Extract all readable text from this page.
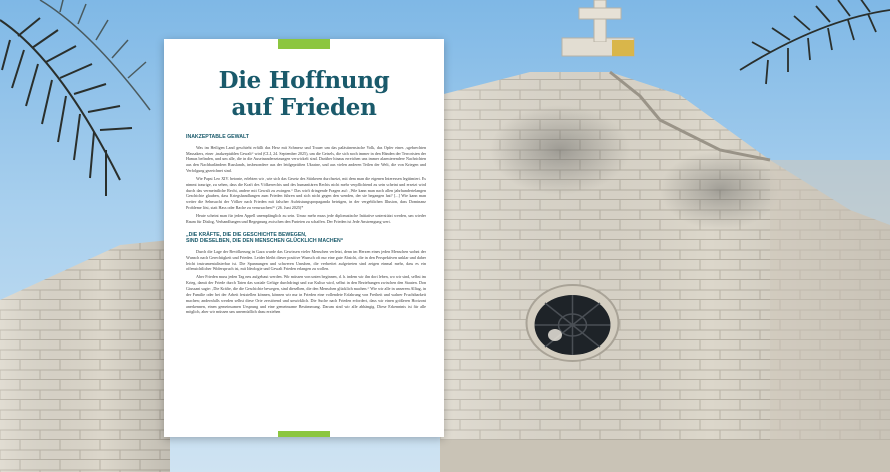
Die Hoffnung
auf Frieden
INAKZEPTABLE GEWALT

Was im Heiligen Land geschieht erfüllt das Herz mit Schmerz und Trauer um das palästinensische Volk, das Opfer eines ‚sgebrechten Massakers, einer ‚inakzeptablen Gewalt“ wird (CLI, 24. September 2025), um die Geisels, die sich noch immer in den Händen der Terroristen der Hamas befinden, und um alle, die in die Auseinandersetzungen verwickelt sind. Darüber hinaus erreichen uns immer alarmierendere Nachrichten aus den Nachbarländern Russlands, insbesondere aus der leidgeprüften Ukraine, und aus vielen anderen Teilen der Welt, die von Kriegen und Verfolgung gezeichnet sind.

Wie Papst Leo XIV. betonte, erlebten wir ‚wie sich das Gesetz des Stärkeren durchsetzt, mit dem man die eigenen Interessen legitimiert. Es nimmt traurige, zu sehen, dass die Kraft des Völkerrechts und des humanitären Rechts nicht mehr verpflichtend zu sein scheint und ersetzt wird durch das vermeintliche Recht, andere mit Gewalt zu zwingen.“ Das wirft dringende Fragen auf: ‚Wie kann man nach allen jahrhundertelangen Geschichte glauben, dass Kriegshandlungen zum Frieden führen und sich nicht gegen den wenden, der sie begangen hat? [...] Wie kann man weiter die Sehnsucht der Völker nach Frieden mit falscher Aufrüstungspropaganda betrügen, in der vergeblichen Illusion, dass Dominanz Probleme löst, statt Hass oder Rache zu verursachen?“ (26. Juni 2025)*

Heute scheint man für jeden Appell unempfänglich zu sein. Umso mehr muss jede diplomatische Initiative unterstützt werden, um wieder Raum für Dialog, Verhandlungen und Begegnung zwischen den Parteien zu schaffen. Der Frieden ist Jede Anstrengung wert.

„DIE KRÄFTE, DIE DIE GESCHICHTE BEWEGEN,
SIND DIESELBEN, DIE DEN MENSCHEN GLÜCKLICH MACHEN“

Durch die Lage der Bevölkerung in Gaza wurde das Gewissen vieler Menschen verletzt, denn im Herzen eines jeden Menschen wohnt der Wunsch nach Gerechtigkeit und Frieden. Leider bleibt dieser positive Wunsch oft nur eine gute Absicht, die in den Perspektiven unklar und daher leicht instrumentalisierbar ist. Die Spannungen und schweren Unruhen, die verbreitet aufgetreten sind zeigen einmal mehr, dass es ein offensichtlicher Widerspruch ist, mit Ideologie und Gewalt Frieden erlangen zu wollen.

Aber Frieden muss jeden Tag neu aufgebaut werden. Wir müssen von unten beginnen, d. h. indem wir ihn dort leben, wo wir sind, selbst im Krieg, damit der Friede durch Taten das soziale Gefüge durchdringt und zur Kultur wird, selbst in den Beziehungen zwischen den Staaten. Don Giussani sagte: ‚Die Kräfte, die die Geschichte bewegen, sind dieselben, die den Menschen glücklich machen.“ Wie wir alle in unserem Alltag, in der Familie oder bei der Arbeit feststellen können, können wir nur in Frieden eine vollendete Erfahrung von Freiheit und wahrer Fruchtbarkeit machen; andernfalls werden selbst diese Orte zerstörend und unwirklich. Die Suche nach Frieden erfordert, dass wir einen größeren Horizont anerkennen, einen gemeinsamen Ursprung und eine gemeinsame Bestimmung. Darum sind wir alle abhängig. Diese Erkenntnis ist für alle möglich, aber wir müssen uns unermüdlich dazu erziehen
